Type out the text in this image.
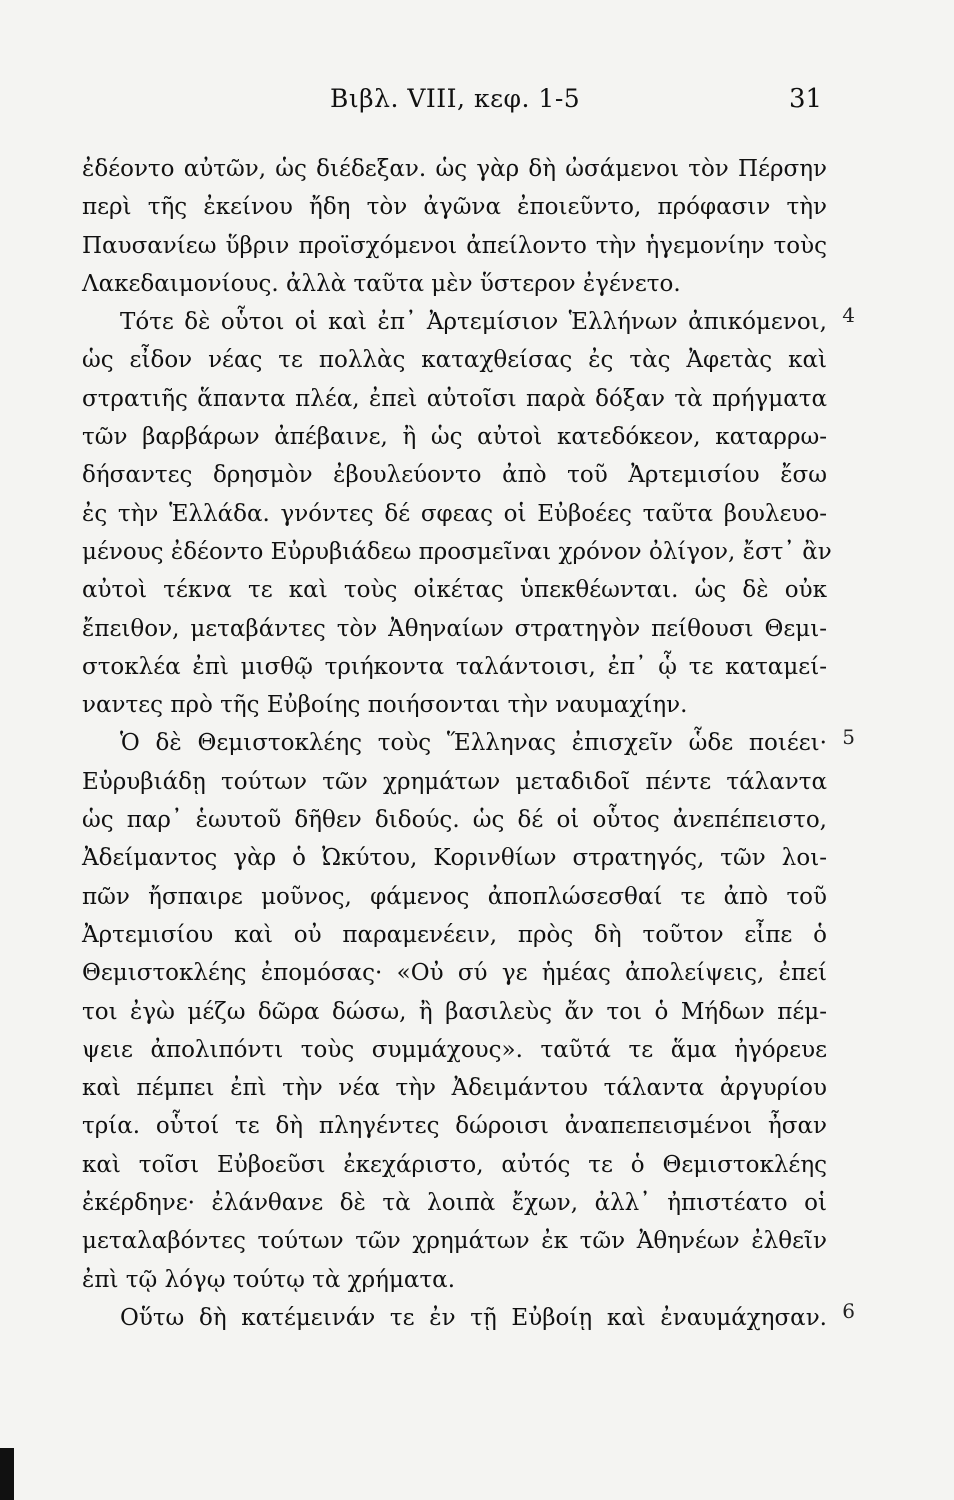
Βιβλ. VIII, κεφ. 1-5	31
ἐδέοντο αὐτῶν, ὡς διέδεξαν. ὡς γὰρ δὴ ὠσάμενοι τὸν Πέρσην
περὶ τῆς ἐκείνου ἤδη τὸν ἀγῶνα ἐποιεῦντο, πρόφασιν τὴν
Παυσανίεω ὕβριν προϊσχόμενοι ἀπείλοντο τὴν ἡγεμονίην τοὺς
Λακεδαιμονίους. ἀλλὰ ταῦτα μὲν ὕστερον ἐγένετο.
Τότε δὲ οὗτοι οἱ καὶ ἐπ᾽ Ἀρτεμίσιον Ἑλλήνων ἀπικόμενοι, 4
ὡς εἶδον νέας τε πολλὰς καταχθείσας ἐς τὰς Ἀφετὰς καὶ
στρατιῆς ἅπαντα πλέα, ἐπεὶ αὐτοῖσι παρὰ δόξαν τὰ πρήγματα
τῶν βαρβάρων ἀπέβαινε, ἢ ὡς αὐτοὶ κατεδόκεον, καταρρω-
δήσαντες δρησμὸν ἐβουλεύοντο ἀπὸ τοῦ Ἀρτεμισίου ἔσω
ἐς τὴν Ἑλλάδα. γνόντες δέ σφεας οἱ Εὐβοέες ταῦτα βουλευο-
μένους ἐδέοντο Εὐρυβιάδεω προσμεῖναι χρόνον ὀλίγον, ἔστ᾽ ἂν
αὐτοὶ τέκνα τε καὶ τοὺς οἰκέτας ὑπεκθέωνται. ὡς δὲ οὐκ
ἔπειθον, μεταβάντες τὸν Ἀθηναίων στρατηγὸν πείθουσι Θεμι-
στοκλέα ἐπὶ μισθῷ τριήκοντα ταλάντοισι, ἐπ᾽ ᾧ τε καταμεί-
ναντες πρὸ τῆς Εὐβοίης ποιήσονται τὴν ναυμαχίην.
Ὁ δὲ Θεμιστοκλέης τοὺς Ἕλληνας ἐπισχεῖν ὧδε ποιέει· 5
Εὐρυβιάδῃ τούτων τῶν χρημάτων μεταδιδοῖ πέντε τάλαντα
ὡς παρ᾽ ἑωυτοῦ δῆθεν διδούς. ὡς δέ οἱ οὗτος ἀνεπέπειστο,
Ἀδείμαντος γὰρ ὁ Ὠκύτου, Κορινθίων στρατηγός, τῶν λοι-
πῶν ἤσπαιρε μοῦνος, φάμενος ἀποπλώσεσθαί τε ἀπὸ τοῦ
Ἀρτεμισίου καὶ οὐ παραμενέειν, πρὸς δὴ τοῦτον εἶπε ὁ
Θεμιστοκλέης ἐπομόσας· «Οὐ σύ γε ἡμέας ἀπολείψεις, ἐπεί
τοι ἐγὼ μέζω δῶρα δώσω, ἢ βασιλεὺς ἄν τοι ὁ Μήδων πέμ-
ψειε ἀπολιπόντι τοὺς συμμάχους». ταῦτά τε ἅμα ἠγόρευε
καὶ πέμπει ἐπὶ τὴν νέα τὴν Ἀδειμάντου τάλαντα ἀργυρίου
τρία. οὗτοί τε δὴ πληγέντες δώροισι ἀναπεπεισμένοι ἦσαν
καὶ τοῖσι Εὐβοεῦσι ἐκεχάριστο, αὐτός τε ὁ Θεμιστοκλέης
ἐκέρδηνε· ἐλάνθανε δὲ τὰ λοιπὰ ἔχων, ἀλλ᾽ ἠπιστέατο οἱ
μεταλαβόντες τούτων τῶν χρημάτων ἐκ τῶν Ἀθηνέων ἐλθεῖν
ἐπὶ τῷ λόγῳ τούτῳ τὰ χρήματα.
Οὕτω δὴ κατέμεινάν τε ἐν τῇ Εὐβοίῃ καὶ ἐναυμάχησαν. 6
